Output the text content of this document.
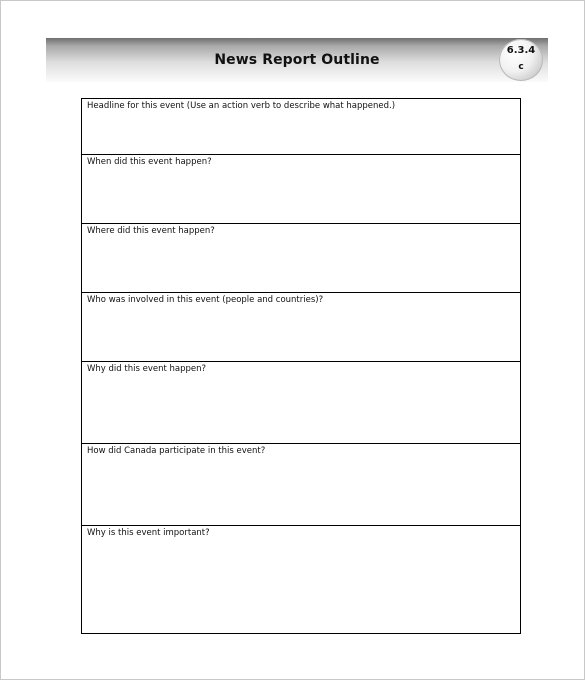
News Report Outline
6.3.4
c
Headline for this event (Use an action verb to describe what happened.)
When did this event happen?
Where did this event happen?
Who was involved in this event (people and countries)?
Why did this event happen?
How did Canada participate in this event?
Why is this event important?
